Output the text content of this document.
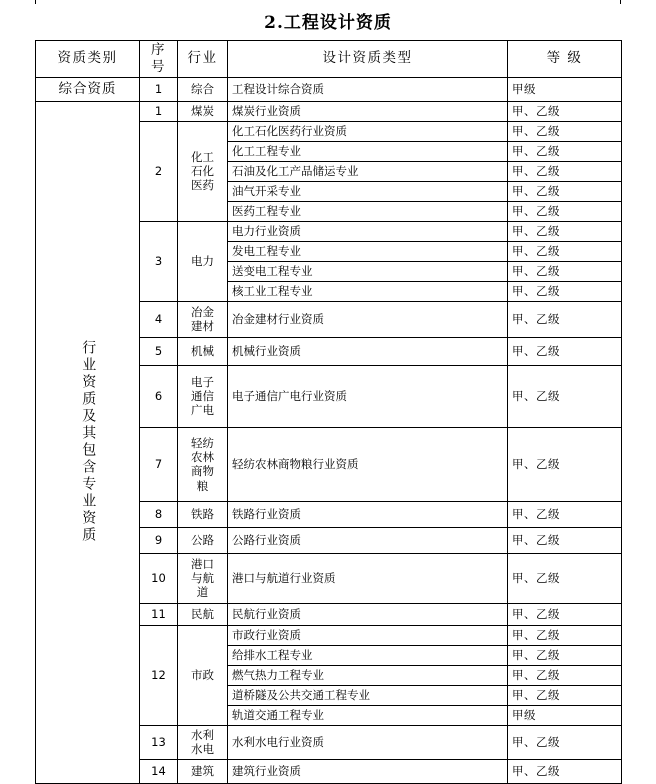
2.工程设计资质
资质类别	序号	行业	设计资质类型	等 级
综合资质	1	综合	工程设计综合资质	甲级

行业资质及其包含专业资质	1	煤炭	煤炭行业资质	甲、乙级
	2	化工石化医药	化工石化医药行业资质	甲、乙级
			化工工程专业	甲、乙级
			石油及化工产品储运专业	甲、乙级
			油气开采专业	甲、乙级
			医药工程专业	甲、乙级
	3	电力	电力行业资质	甲、乙级
			发电工程专业	甲、乙级
			送变电工程专业	甲、乙级
			核工业工程专业	甲、乙级
	4	冶金建材	冶金建材行业资质	甲、乙级
	5	机械	机械行业资质	甲、乙级
	6	电子通信广电	电子通信广电行业资质	甲、乙级
	7	轻纺农林商物粮	轻纺农林商物粮行业资质	甲、乙级
	8	铁路	铁路行业资质	甲、乙级
	9	公路	公路行业资质	甲、乙级
	10	港口与航道	港口与航道行业资质	甲、乙级
	11	民航	民航行业资质	甲、乙级
	12	市政	市政行业资质	甲、乙级
			给排水工程专业	甲、乙级
			燃气热力工程专业	甲、乙级
			道桥隧及公共交通工程专业	甲、乙级
			轨道交通工程专业	甲级
	13	水利水电	水利水电行业资质	甲、乙级
	14	建筑	建筑行业资质	甲、乙级
